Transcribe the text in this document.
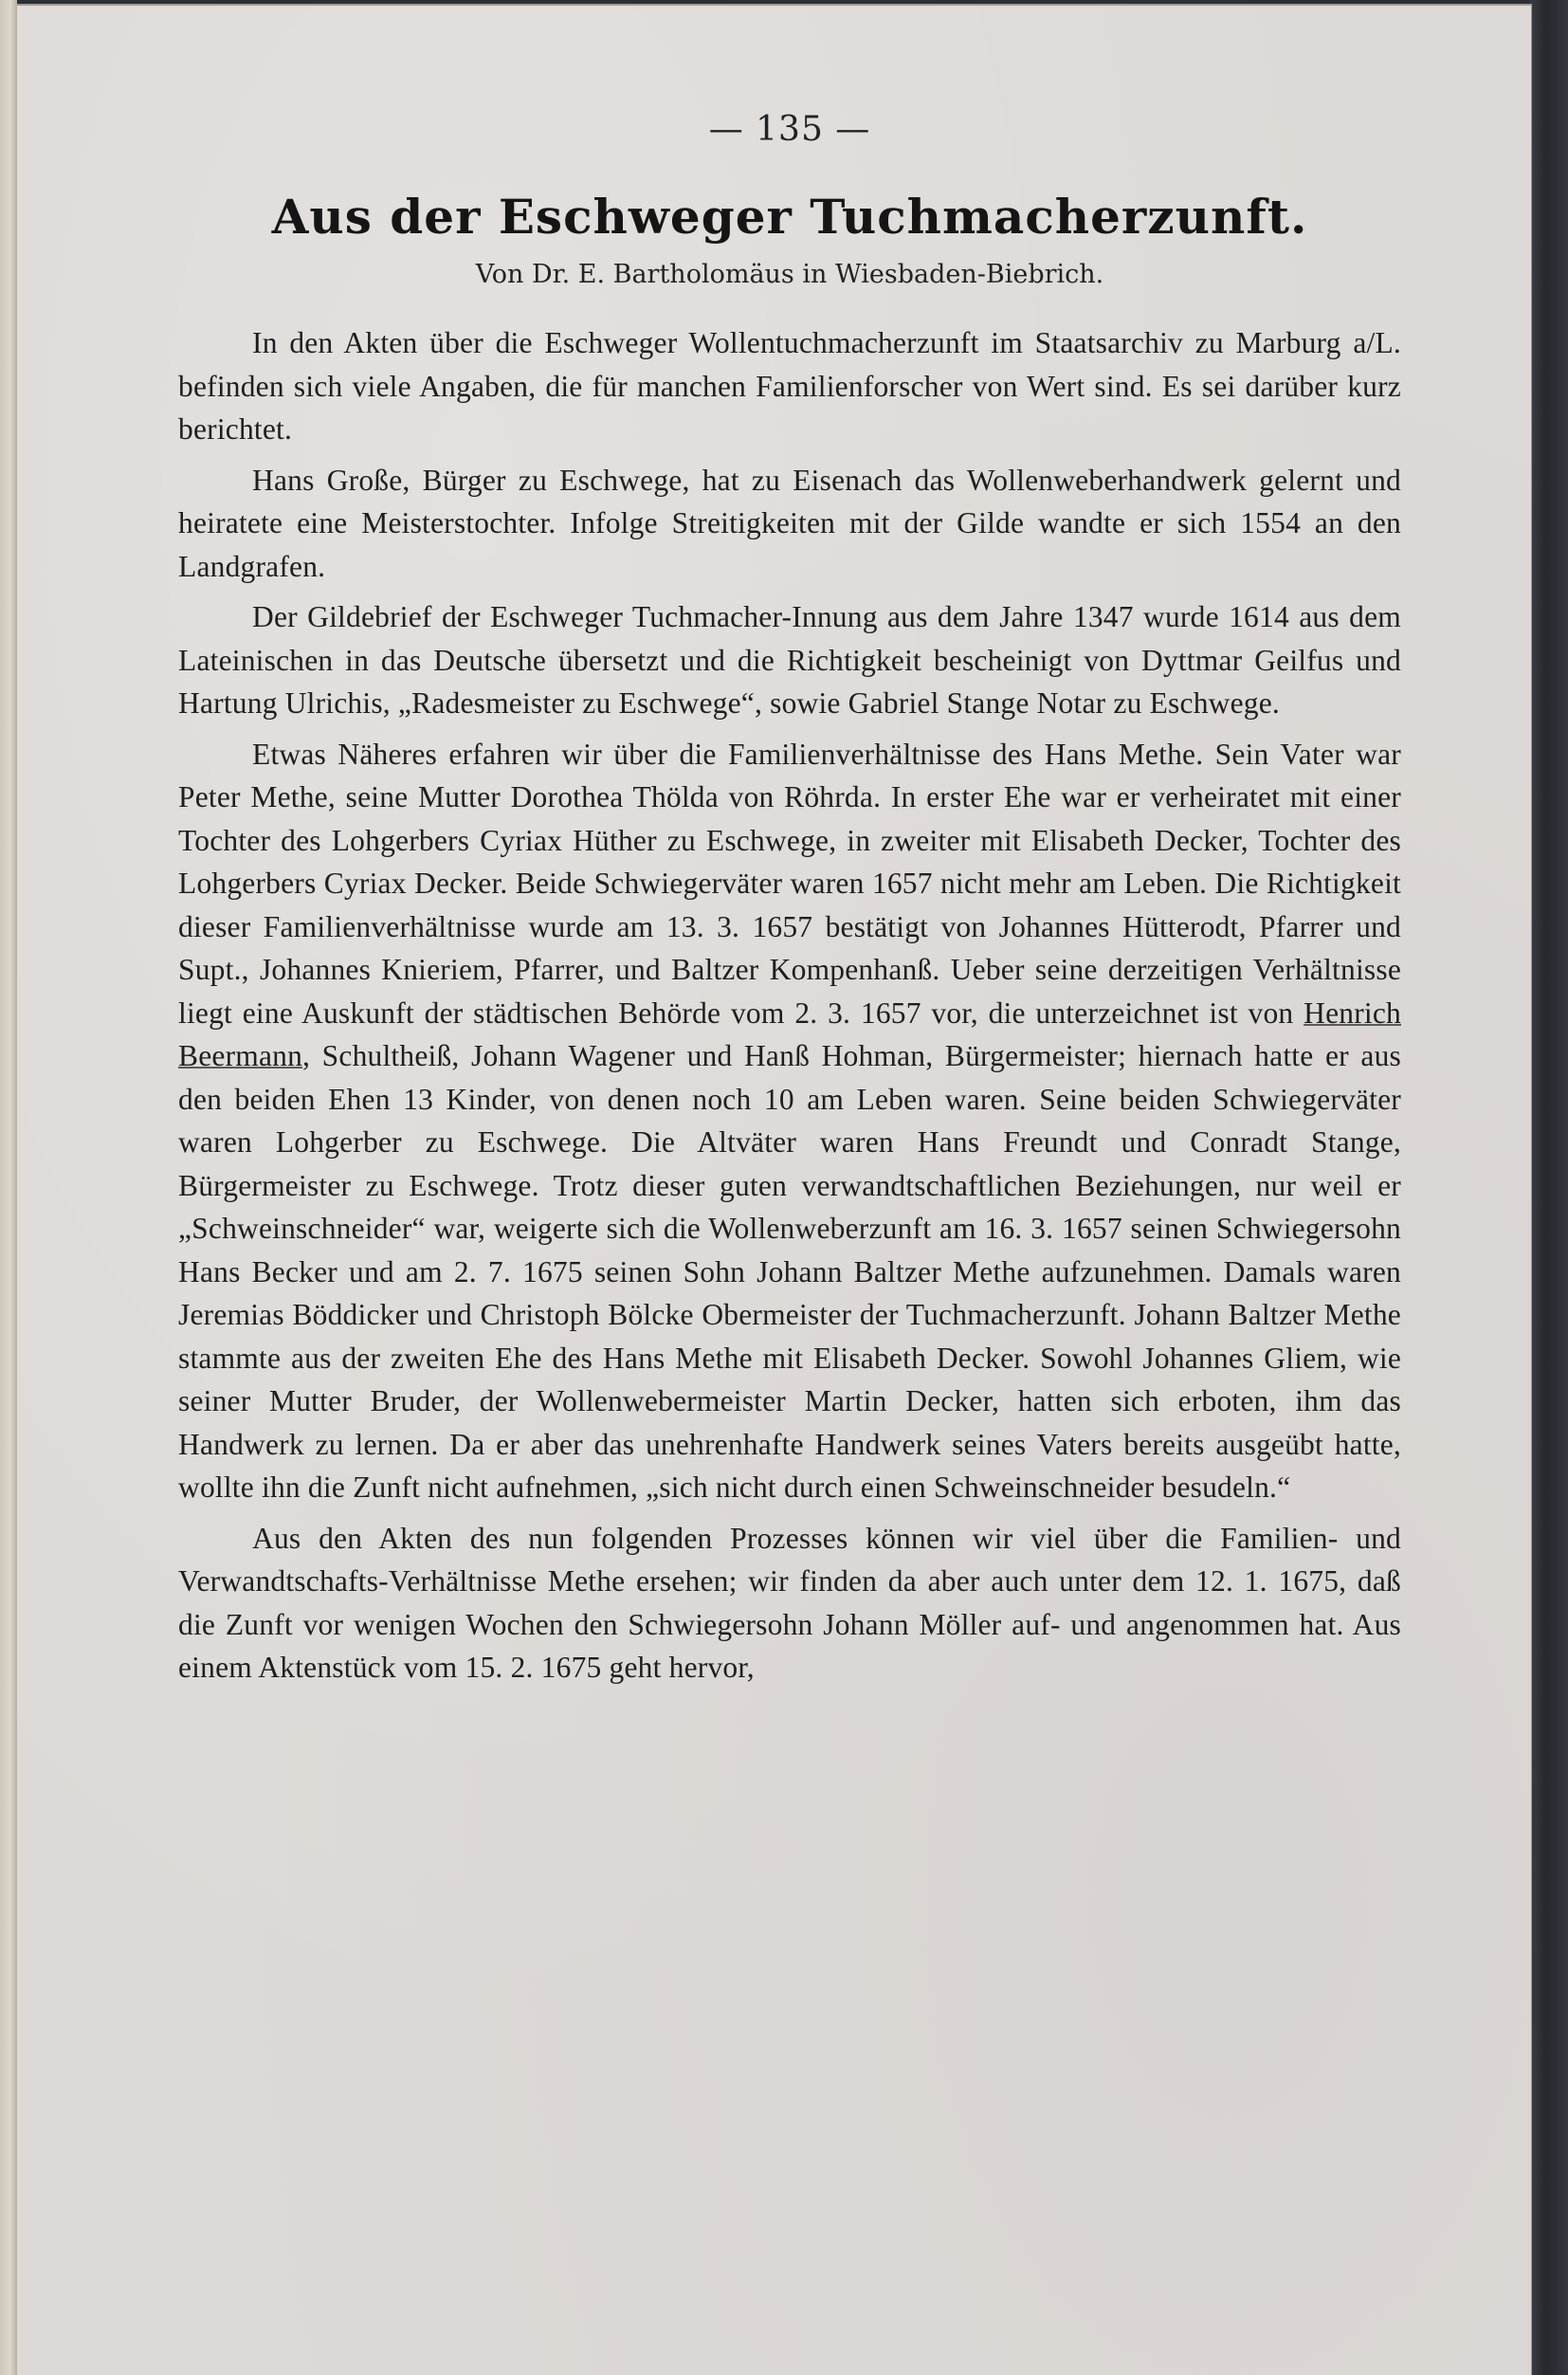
— 135 —
Aus der Eschweger Tuchmacherzunft.
Von Dr. E. Bartholomäus in Wiesbaden-Biebrich.

In den Akten über die Eschweger Wollentuchmacherzunft im Staatsarchiv zu Marburg a/L. befinden sich viele Angaben, die für manchen Familienforscher von Wert sind. Es sei darüber kurz berichtet.

Hans Große, Bürger zu Eschwege, hat zu Eisenach das Wollenweberhandwerk gelernt und heiratete eine Meisterstochter. Infolge Streitigkeiten mit der Gilde wandte er sich 1554 an den Landgrafen.

Der Gildebrief der Eschweger Tuchmacher-Innung aus dem Jahre 1347 wurde 1614 aus dem Lateinischen in das Deutsche übersetzt und die Richtigkeit bescheinigt von Dyttmar Geilfus und Hartung Ulrichis, „Radesmeister zu Eschwege“, sowie Gabriel Stange Notar zu Eschwege.

Etwas Näheres erfahren wir über die Familienverhältnisse des Hans Methe. Sein Vater war Peter Methe, seine Mutter Dorothea Thölda von Röhrda. In erster Ehe war er verheiratet mit einer Tochter des Lohgerbers Cyriax Hüther zu Eschwege, in zweiter mit Elisabeth Decker, Tochter des Lohgerbers Cyriax Decker. Beide Schwiegerväter waren 1657 nicht mehr am Leben. Die Richtigkeit dieser Familienverhältnisse wurde am 13. 3. 1657 bestätigt von Johannes Hütterodt, Pfarrer und Supt., Johannes Knieriem, Pfarrer, und Baltzer Kompenhanß. Ueber seine derzeitigen Verhältnisse liegt eine Auskunft der städtischen Behörde vom 2. 3. 1657 vor, die unterzeichnet ist von Henrich Beermann, Schultheiß, Johann Wagener und Hanß Hohman, Bürgermeister; hiernach hatte er aus den beiden Ehen 13 Kinder, von denen noch 10 am Leben waren. Seine beiden Schwiegerväter waren Lohgerber zu Eschwege. Die Altväter waren Hans Freundt und Conradt Stange, Bürgermeister zu Eschwege. Trotz dieser guten verwandtschaftlichen Beziehungen, nur weil er „Schweinschneider“ war, weigerte sich die Wollenweberzunft am 16. 3. 1657 seinen Schwiegersohn Hans Becker und am 2. 7. 1675 seinen Sohn Johann Baltzer Methe aufzunehmen. Damals waren Jeremias Böddicker und Christoph Bölcke Obermeister der Tuchmacherzunft. Johann Baltzer Methe stammte aus der zweiten Ehe des Hans Methe mit Elisabeth Decker. Sowohl Johannes Gliem, wie seiner Mutter Bruder, der Wollenwebermeister Martin Decker, hatten sich erboten, ihm das Handwerk zu lernen. Da er aber das unehrenhafte Handwerk seines Vaters bereits ausgeübt hatte, wollte ihn die Zunft nicht aufnehmen, „sich nicht durch einen Schweinschneider besudeln.“

Aus den Akten des nun folgenden Prozesses können wir viel über die Familien- und Verwandtschafts-Verhältnisse Methe ersehen; wir finden da aber auch unter dem 12. 1. 1675, daß die Zunft vor wenigen Wochen den Schwiegersohn Johann Möller auf- und angenommen hat. Aus einem Aktenstück vom 15. 2. 1675 geht hervor,
